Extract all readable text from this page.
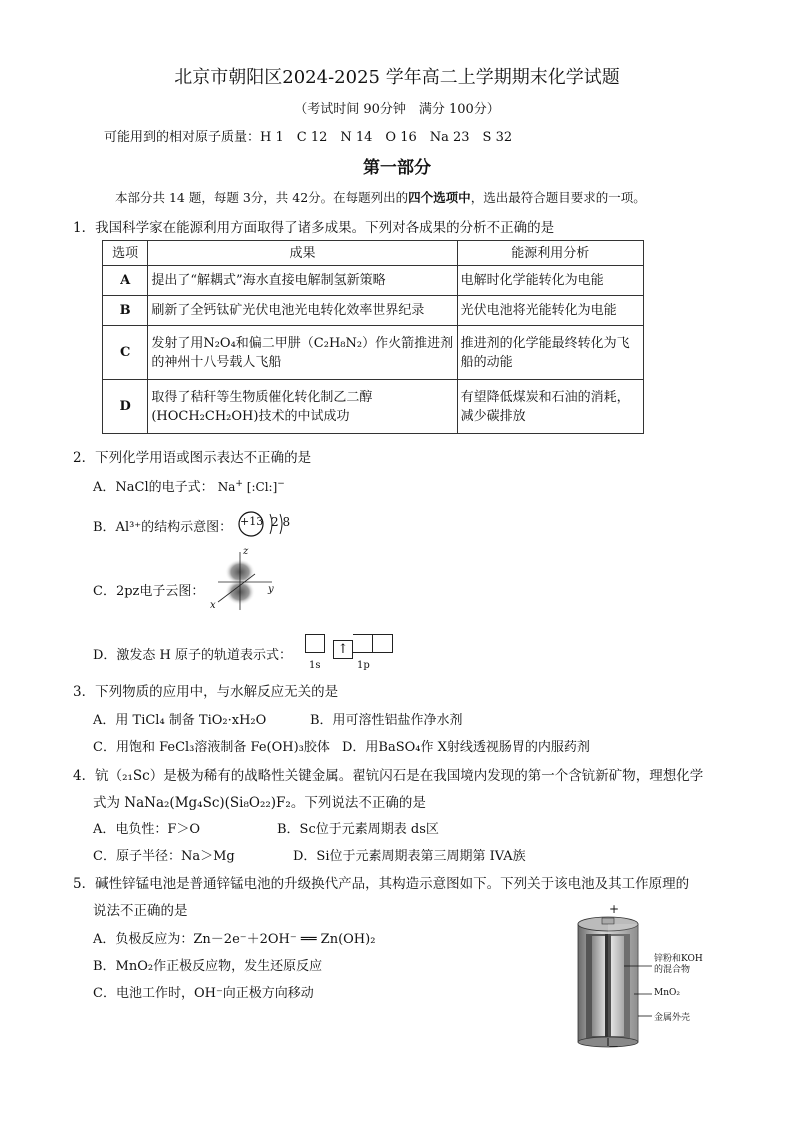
北京市朝阳区2024-2025 学年高二上学期期末化学试题
（考试时间 90分钟　满分 100分）
可能用到的相对原子质量：H 1　C 12　N 14　O 16　Na 23　S 32
第一部分
本部分共 14 题，每题 3分，共 42分。在每题列出的四个选项中，选出最符合题目要求的一项。
1．我国科学家在能源利用方面取得了诸多成果。下列对各成果的分析不正确的是
选项	成果	能源利用分析
A	提出了“解耦式”海水直接电解制氢新策略	电解时化学能转化为电能
B	刷新了全钙钛矿光伏电池光电转化效率世界纪录	光伏电池将光能转化为电能
C	发射了用N₂O₄和偏二甲肼（C₂H₈N₂）作火箭推进剂的神州十八号载人飞船	推进剂的化学能最终转化为飞船的动能
D	取得了秸秆等生物质催化转化制乙二醇(HOCH₂CH₂OH)技术的中试成功	有望降低煤炭和石油的消耗，减少碳排放
2．下列化学用语或图示表达不正确的是
A．NaCl的电子式： Na+ [:Cl:]−
B．Al³⁺的结构示意图： +13 2 8
C．2pz电子云图：
z
y
x
D．激发态 H 原子的轨道表示式：	↑
1s	1p
3．下列物质的应用中，与水解反应无关的是
A．用 TiCl₄ 制备 TiO₂·xH₂O	B．用可溶性铝盐作净水剂
C．用饱和 FeCl₃溶液制备 Fe(OH)₃胶体 D．用BaSO₄作 X射线透视肠胃的内服药剂
4．钪（₂₁Sc）是极为稀有的战略性关键金属。翟钪闪石是在我国境内发现的第一个含钪新矿物，理想化学
式为 NaNa₂(Mg₄Sc)(Si₈O₂₂)F₂。下列说法不正确的是
A．电负性：F＞O	B．Sc位于元素周期表 ds区
C．原子半径：Na＞Mg	D．Si位于元素周期表第三周期第 IVA族
5．碱性锌锰电池是普通锌锰电池的升级换代产品，其构造示意图如下。下列关于该电池及其工作原理的
说法不正确的是
A．负极反应为：Zn－2e⁻＋2OH⁻ ══ Zn(OH)₂
B．MnO₂作正极反应物，发生还原反应
C．电池工作时，OH⁻向正极方向移动
+
－
锌粉和KOH
的混合物
MnO₂
金属外壳
